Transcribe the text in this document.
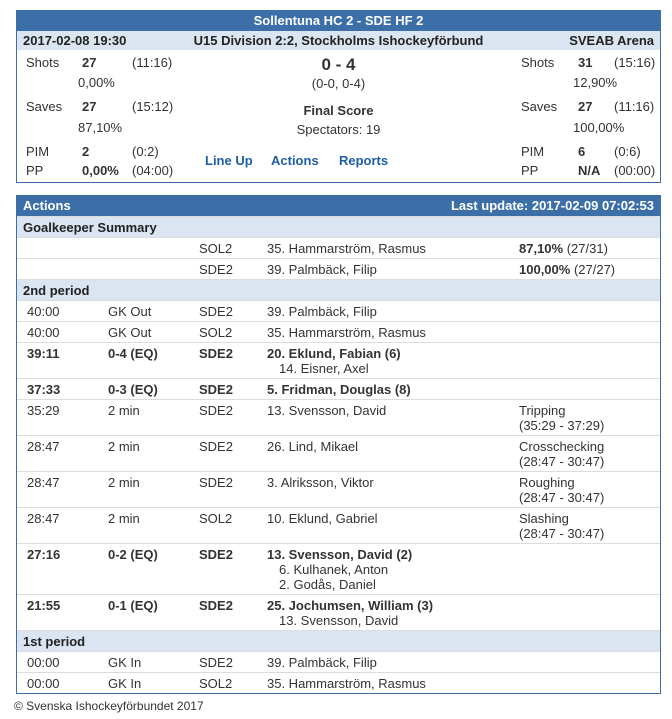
Sollentuna HC 2 - SDE HF 2
2017-02-08 19:30	U15 Division 2:2, Stockholms Ishockeyförbund	SVEAB Arena
Shots 27	(11:16)
0,00%
Saves 27	(15:12)
87,10%
PIM	2	(0:2)
PP	0,00% (04:00)
0 - 4
(0-0, 0-4)
Final Score
Spectators: 19
Line Up Actions Reports
Shots 31 (15:16)
12,90%
Saves 27 (11:16)
100,00%
PIM	6 (0:6)
PP	N/A (00:00)
Actions	Last update: 2017-02-09 07:02:53
Goalkeeper Summary
SOL2	35. Hammarström, Rasmus	87,10% (27/31)
SDE2	39. Palmbäck, Filip	100,00% (27/27)
2nd period
40:00	GK Out	SDE2	39. Palmbäck, Filip
40:00	GK Out	SOL2	35. Hammarström, Rasmus
39:11	0-4 (EQ)	SDE2	20. Eklund, Fabian (6)
14. Eisner, Axel
37:33	0-3 (EQ)	SDE2	5. Fridman, Douglas (8)
35:29	2 min	SDE2	13. Svensson, David	Tripping
(35:29 - 37:29)
28:47	2 min	SDE2	26. Lind, Mikael	Crosschecking
(28:47 - 30:47)
28:47	2 min	SDE2	3. Alriksson, Viktor	Roughing
(28:47 - 30:47)
28:47	2 min	SOL2	10. Eklund, Gabriel	Slashing
(28:47 - 30:47)
27:16	0-2 (EQ)	SDE2	13. Svensson, David (2)
6. Kulhanek, Anton
2. Godås, Daniel
21:55	0-1 (EQ)	SDE2	25. Jochumsen, William (3)
13. Svensson, David
1st period
00:00	GK In	SDE2	39. Palmbäck, Filip
00:00	GK In	SOL2	35. Hammarström, Rasmus
© Svenska Ishockeyförbundet 2017
